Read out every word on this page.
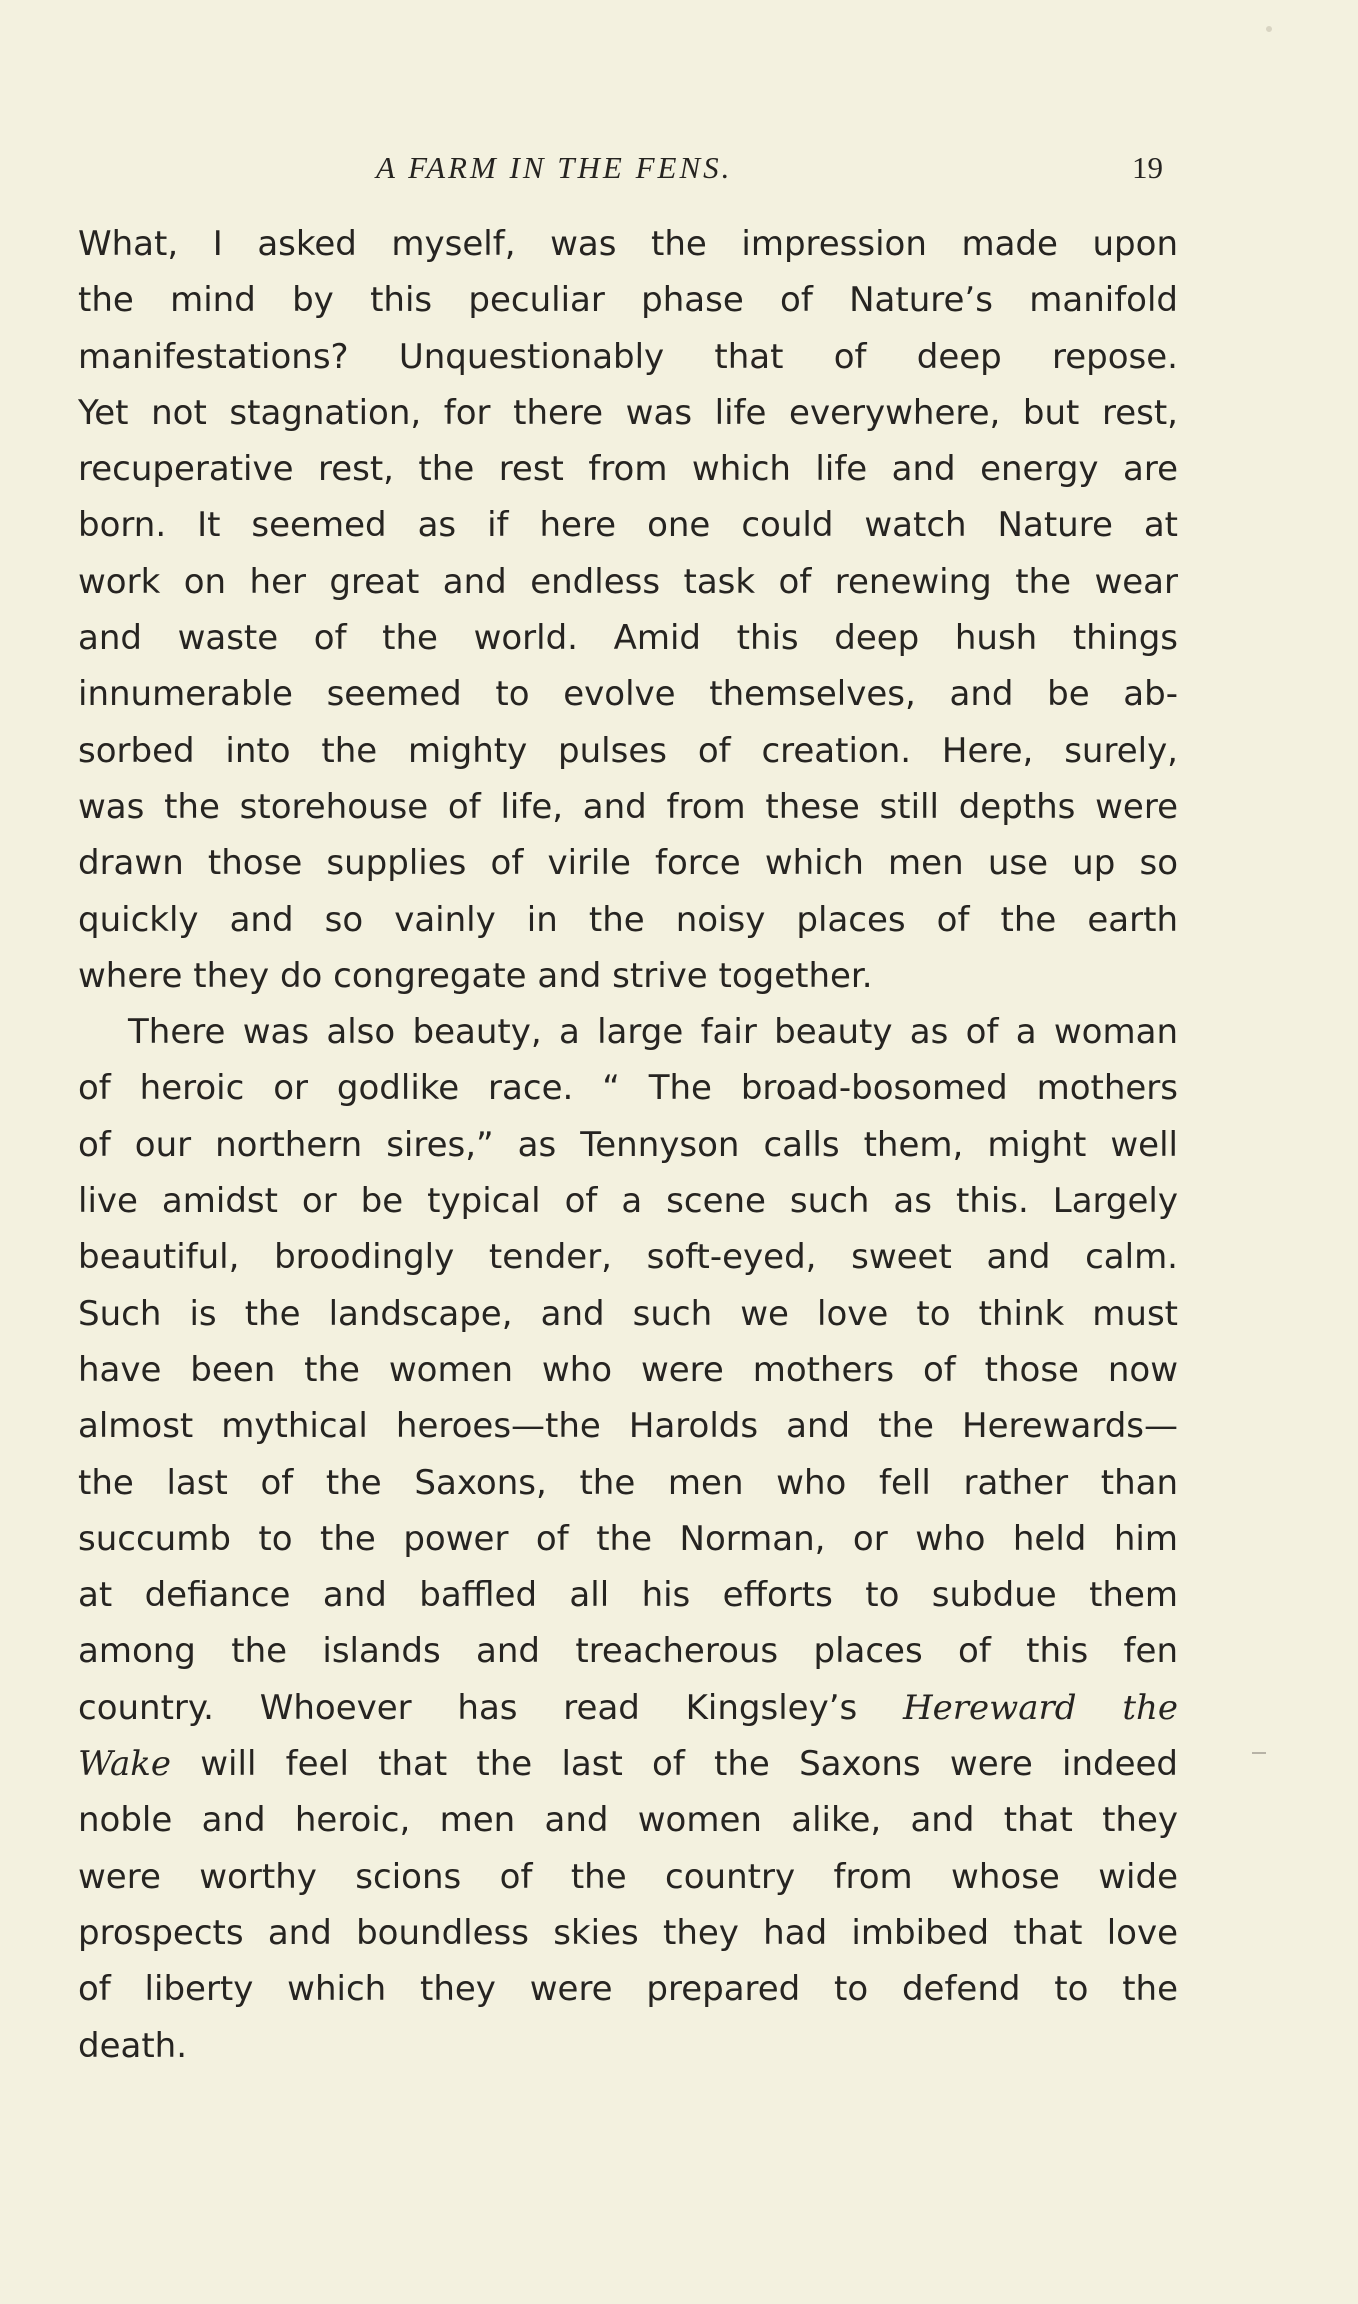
A FARM IN THE FENS.	19

What, I asked myself, was the impression made upon
the mind by this peculiar phase of Nature’s manifold
manifestations? Unquestionably that of deep repose.
Yet not stagnation, for there was life everywhere, but rest,
recuperative rest, the rest from which life and energy are
born. It seemed as if here one could watch Nature at
work on her great and endless task of renewing the wear
and waste of the world. Amid this deep hush things
innumerable seemed to evolve themselves, and be ab-
sorbed into the mighty pulses of creation. Here, surely,
was the storehouse of life, and from these still depths were
drawn those supplies of virile force which men use up so
quickly and so vainly in the noisy places of the earth
where they do congregate and strive together.

There was also beauty, a large fair beauty as of a woman
of heroic or godlike race. “ The broad-bosomed mothers
of our northern sires,” as Tennyson calls them, might well
live amidst or be typical of a scene such as this. Largely
beautiful, broodingly tender, soft-eyed, sweet and calm.
Such is the landscape, and such we love to think must
have been the women who were mothers of those now
almost mythical heroes—the Harolds and the Herewards—
the last of the Saxons, the men who fell rather than
succumb to the power of the Norman, or who held him
at defiance and baffled all his efforts to subdue them
among the islands and treacherous places of this fen
country. Whoever has read Kingsley’s Hereward the
Wake will feel that the last of the Saxons were indeed
noble and heroic, men and women alike, and that they
were worthy scions of the country from whose wide
prospects and boundless skies they had imbibed that love
of liberty which they were prepared to defend to the
death.
